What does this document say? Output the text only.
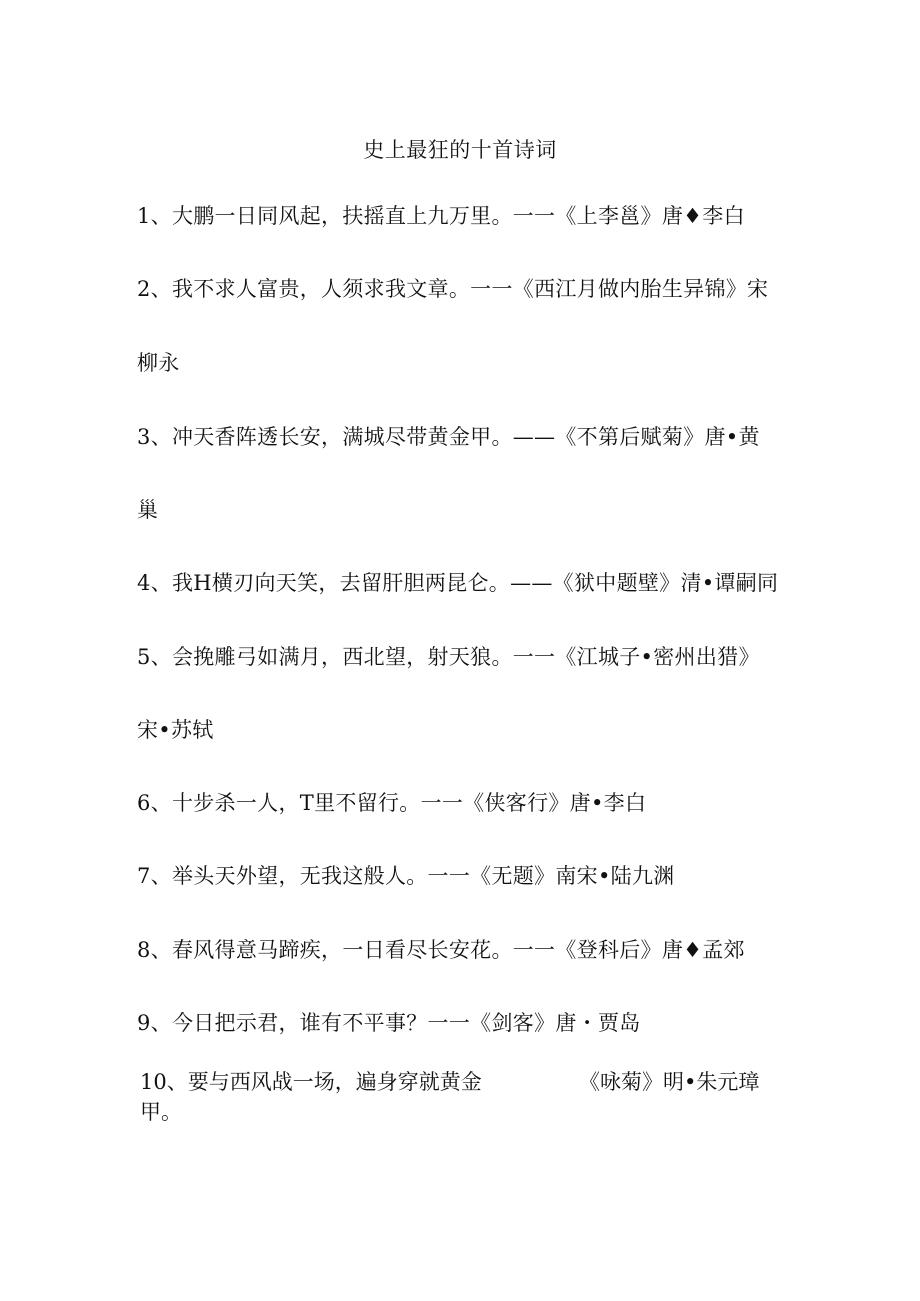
史上最狂的十首诗词
1、大鹏一日同风起，扶摇直上九万里。一一《上李邕》唐♦李白
2、我不求人富贵，人须求我文章。一一《西江月做内胎生异锦》宋
柳永
3、冲天香阵透长安，满城尽带黄金甲。——《不第后赋菊》唐•黄
巢
4、我H横刃向天笑，去留肝胆两昆仑。——《狱中题壁》清•谭嗣同
5、会挽雕弓如满月，西北望，射天狼。一一《江城子•密州出猎》
宋•苏轼
6、十步杀一人，T里不留行。一一《侠客行》唐•李白
7、举头天外望，无我这般人。一一《无题》南宋•陆九渊
8、春风得意马蹄疾，一日看尽长安花。一一《登科后》唐♦孟郊
9、今日把示君，谁有不平事？一一《剑客》唐・贾岛
10、要与西风战一场，遍身穿就黄金	《咏菊》明•朱元璋
甲。
